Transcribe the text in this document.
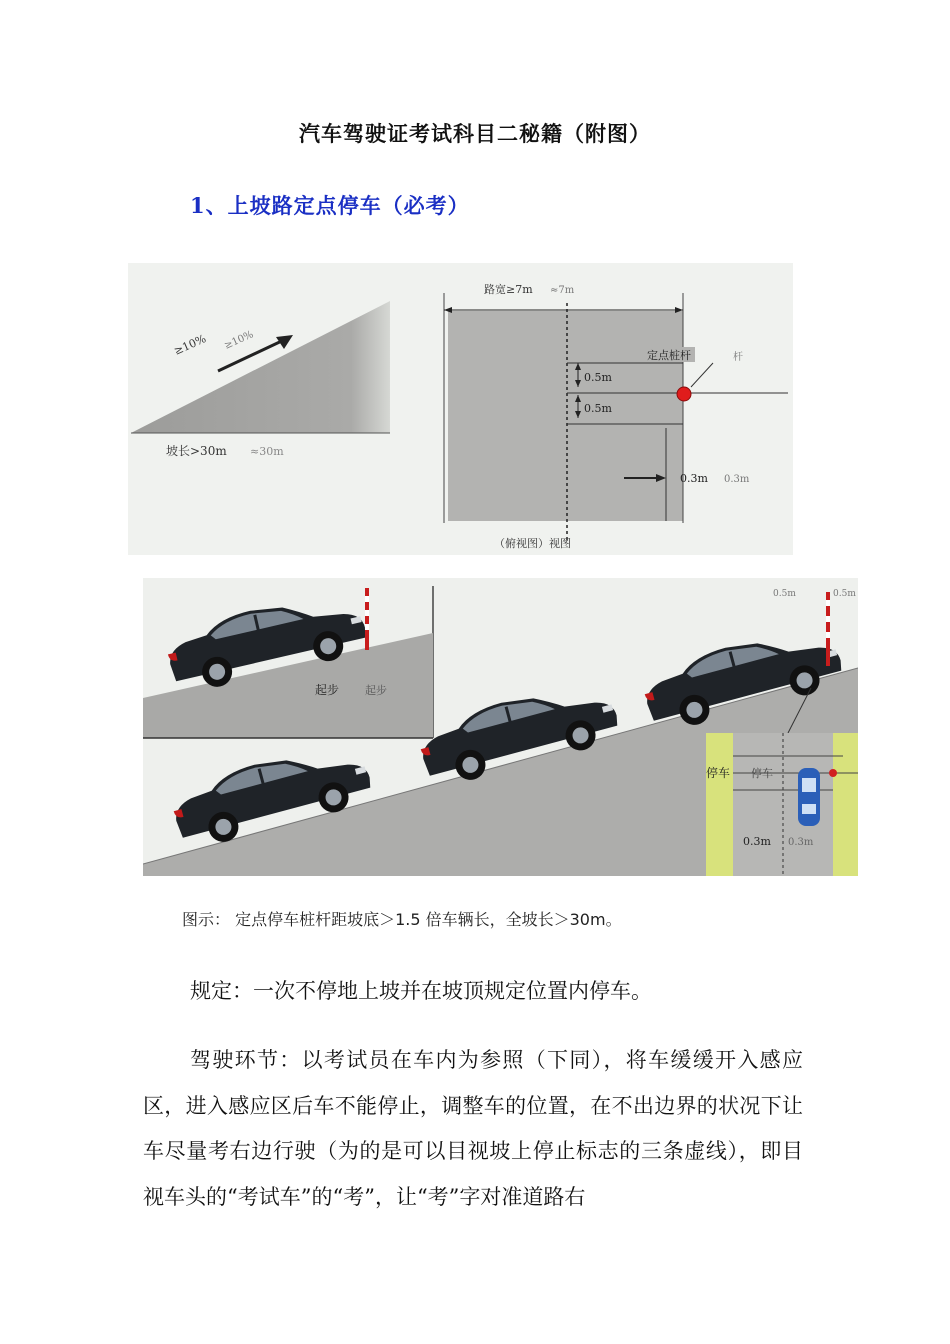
汽车驾驶证考试科目二秘籍（附图）
1、上坡路定点停车（必考）
≥10% ≥10%
坡长>30m ≈30m
路宽≥7m ≈7m
定点桩杆	杆
0.5m
0.5m
0.3m 0.3m
（俯视图）视图
起步 起步
0.5m	0.5m
停车 停车
0.3m 0.3m
图示： 定点停车桩杆距坡底＞1.5 倍车辆长，全坡长＞30m。
规定：一次不停地上坡并在坡顶规定位置内停车。
驾驶环节：以考试员在车内为参照（下同），将车缓缓开入感应区，进入感应区后车不能停止，调整车的位置，在不出边界的状况下让车尽量考右边行驶（为的是可以目视坡上停止标志的三条虚线），即目视车头的“考试车”的“考”，让“考”字对准道路右
